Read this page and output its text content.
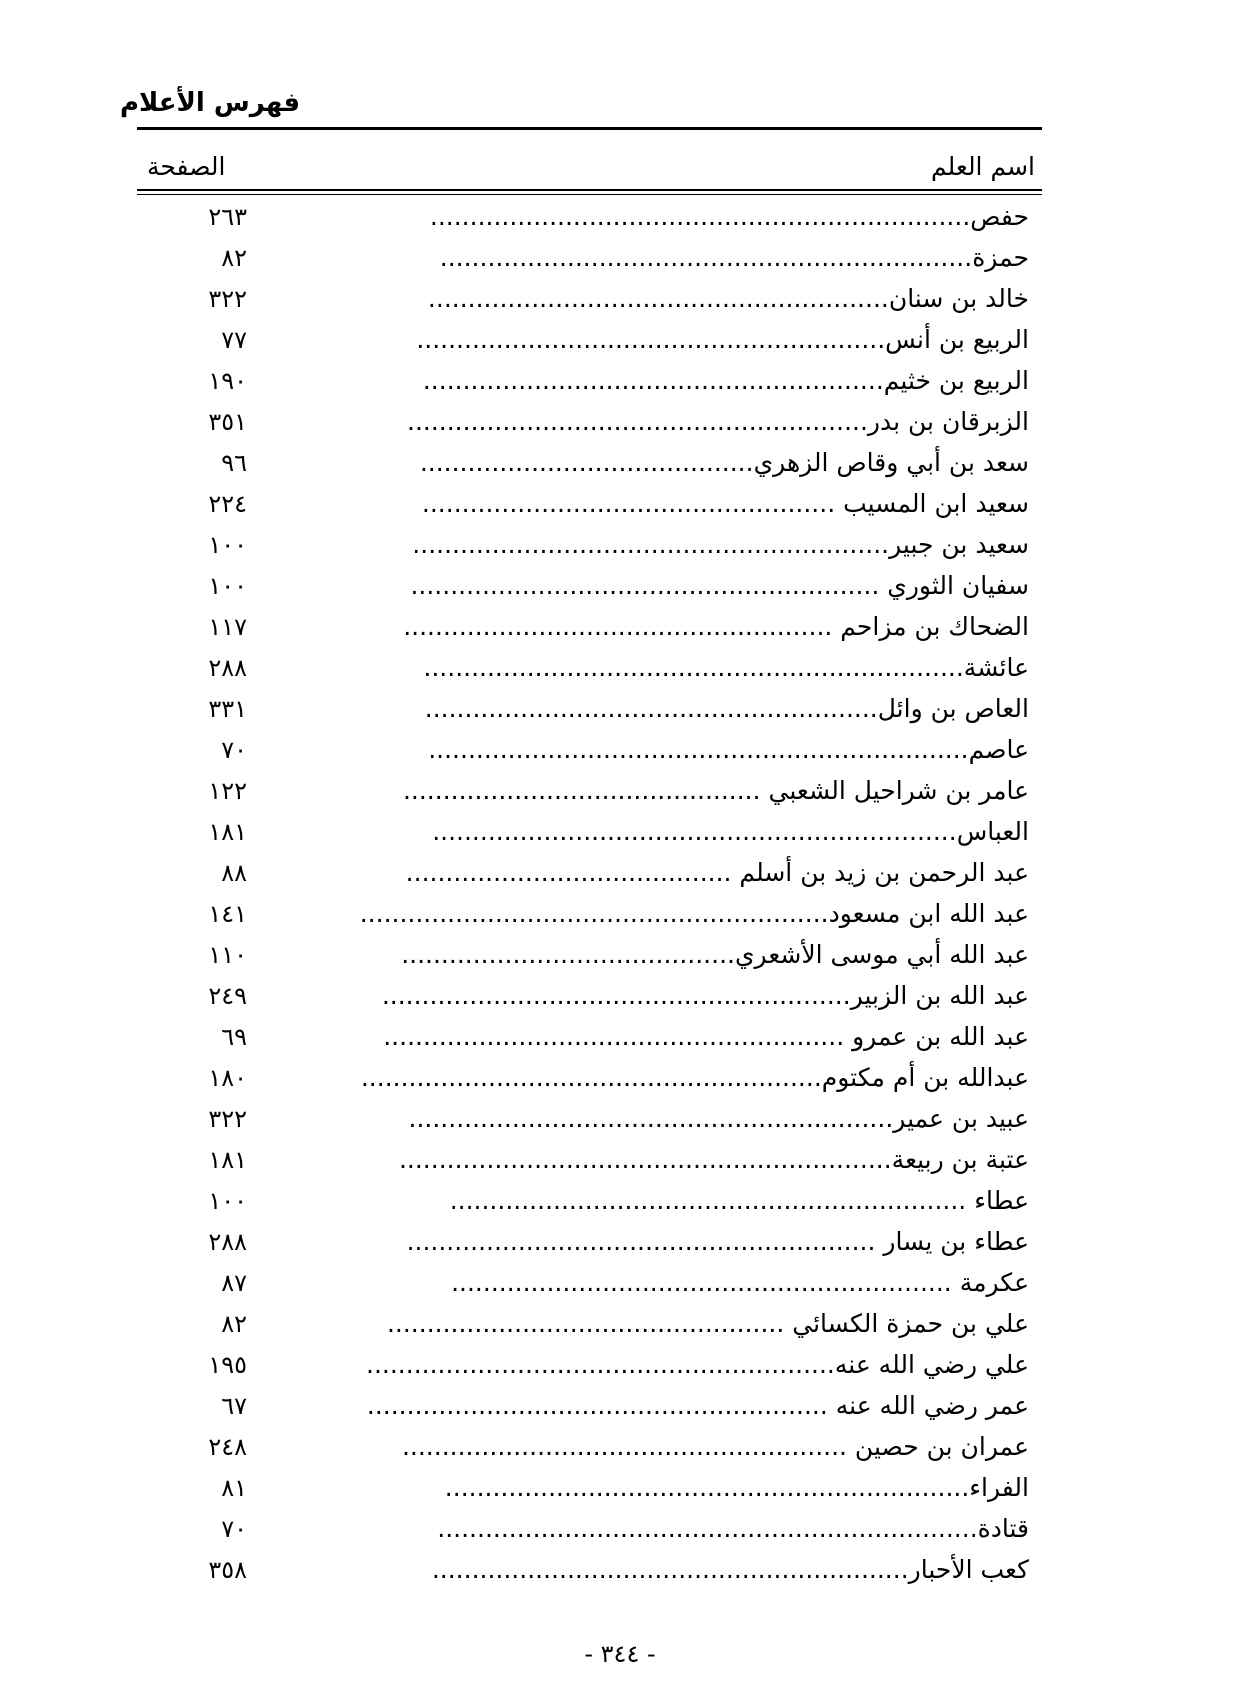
فهرس الأعلام
اسم العلم
الصفحة
حفص....................................................................
٢٦٣
حمزة...................................................................
٨٢
خالد بن سنان..........................................................
٣٢٢
الربيع بن أنس...........................................................
٧٧
الربيع بن خثيم..........................................................
١٩٠
الزبرقان بن بدر..........................................................
٣٥١
سعد بن أبي وقاص الزهري..........................................
٩٦
سعيد ابن المسيب ....................................................
٢٢٤
سعيد بن جبير............................................................
١٠٠
سفيان الثوري ...........................................................
١٠٠
الضحاك بن مزاحم ......................................................
١١٧
عائشة....................................................................
٢٨٨
العاص بن وائل.........................................................
٣٣١
عاصم....................................................................
٧٠
عامر بن شراحيل الشعبي .............................................
١٢٢
العباس..................................................................
١٨١
عبد الرحمن بن زيد بن أسلم .........................................
٨٨
عبد الله ابن مسعود...........................................................
١٤١
عبد الله أبي موسى الأشعري..........................................
١١٠
عبد الله بن الزبير...........................................................
٢٤٩
عبد الله بن عمرو ..........................................................
٦٩
عبدالله بن أم مكتوم..........................................................
١٨٠
عبيد بن عمير.............................................................
٣٢٢
عتبة بن ربيعة..............................................................
١٨١
عطاء .................................................................
١٠٠
عطاء بن يسار ...........................................................
٢٨٨
عكرمة ...............................................................
٨٧
علي بن حمزة الكسائي ..................................................
٨٢
علي رضي الله عنه...........................................................
١٩٥
عمر رضي الله عنه ..........................................................
٦٧
عمران بن حصين ........................................................
٢٤٨
الفراء..................................................................
٨١
قتادة....................................................................
٧٠
كعب الأحبار............................................................
٣٥٨
- ٣٤٤ -
